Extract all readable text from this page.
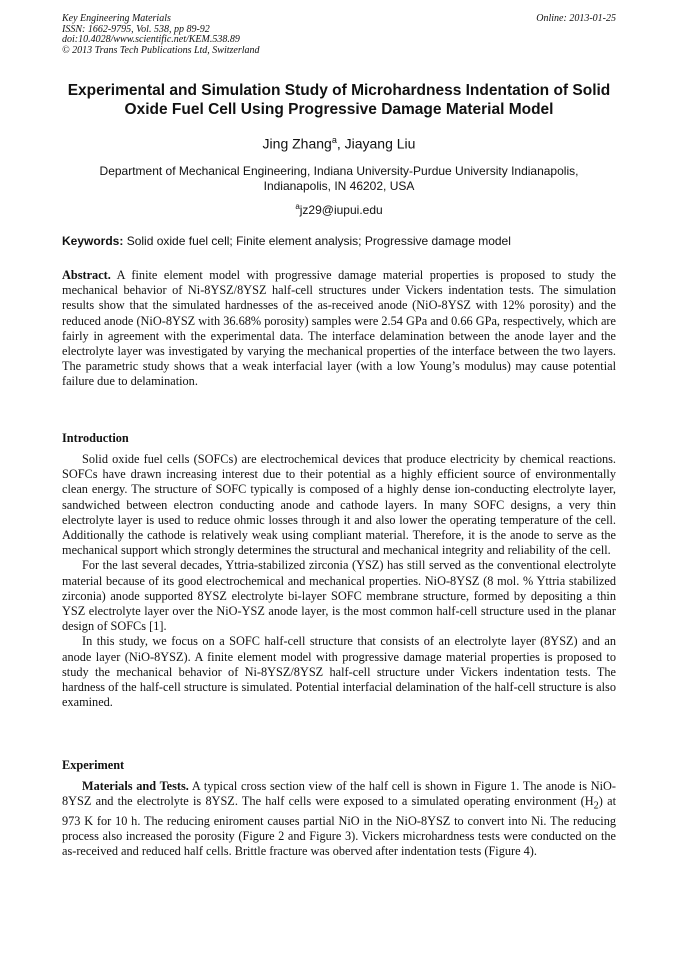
Key Engineering Materials
ISSN: 1662-9795, Vol. 538, pp 89-92
doi:10.4028/www.scientific.net/KEM.538.89
© 2013 Trans Tech Publications Ltd, Switzerland
Online: 2013-01-25
Experimental and Simulation Study of Microhardness Indentation of Solid Oxide Fuel Cell Using Progressive Damage Material Model
Jing Zhang$^a$, Jiayang Liu
Department of Mechanical Engineering, Indiana University-Purdue University Indianapolis,
Indianapolis, IN 46202, USA
$^a$jz29@iupui.edu
Keywords: Solid oxide fuel cell; Finite element analysis; Progressive damage model
Abstract. A finite element model with progressive damage material properties is proposed to study the mechanical behavior of Ni-8YSZ/8YSZ half-cell structures under Vickers indentation tests. The simulation results show that the simulated hardnesses of the as-received anode (NiO-8YSZ with 12% porosity) and the reduced anode (NiO-8YSZ with 36.68% porosity) samples were 2.54 GPa and 0.66 GPa, respectively, which are fairly in agreement with the experimental data. The interface delamination between the anode layer and the electrolyte layer was investigated by varying the mechanical properties of the interface between the two layers. The parametric study shows that a weak interfacial layer (with a low Young’s modulus) may cause potential failure due to delamination.
Introduction

Solid oxide fuel cells (SOFCs) are electrochemical devices that produce electricity by chemical reactions. SOFCs have drawn increasing interest due to their potential as a highly efficient source of environmentally clean energy. The structure of SOFC typically is composed of a highly dense ion-conducting electrolyte layer, sandwiched between electron conducting anode and cathode layers. In many SOFC designs, a very thin electrolyte layer is used to reduce ohmic losses through it and also lower the operating temperature of the cell. Additionally the cathode is relatively weak using compliant material. Therefore, it is the anode to serve as the mechanical support which strongly determines the structural and mechanical integrity and reliability of the cell.

For the last several decades, Yttria-stabilized zirconia (YSZ) has still served as the conventional electrolyte material because of its good electrochemical and mechanical properties. NiO-8YSZ (8 mol. % Yttria stabilized zirconia) anode supported 8YSZ electrolyte bi-layer SOFC membrane structure, formed by depositing a thin YSZ electrolyte layer over the NiO-YSZ anode layer, is the most common half-cell structure used in the planar design of SOFCs [1].

In this study, we focus on a SOFC half-cell structure that consists of an electrolyte layer (8YSZ) and an anode layer (NiO-8YSZ). A finite element model with progressive damage material properties is proposed to study the mechanical behavior of Ni-8YSZ/8YSZ half-cell structure under Vickers indentation tests. The hardness of the half-cell structure is simulated. Potential interfacial delamination of the half-cell structure is also examined.

Experiment

Materials and Tests. A typical cross section view of the half cell is shown in Figure 1. The anode is NiO-8YSZ and the electrolyte is 8YSZ. The half cells were exposed to a simulated operating environment $(H_2)$ at 973 K for 10 h. The reducing eniroment causes partial NiO in the NiO-8YSZ to convert into Ni. The reducing process also increased the porosity (Figure 2 and Figure 3). Vickers microhardness tests were conducted on the as-received and reduced half cells. Brittle fracture was oberved after indentation tests (Figure 4).
